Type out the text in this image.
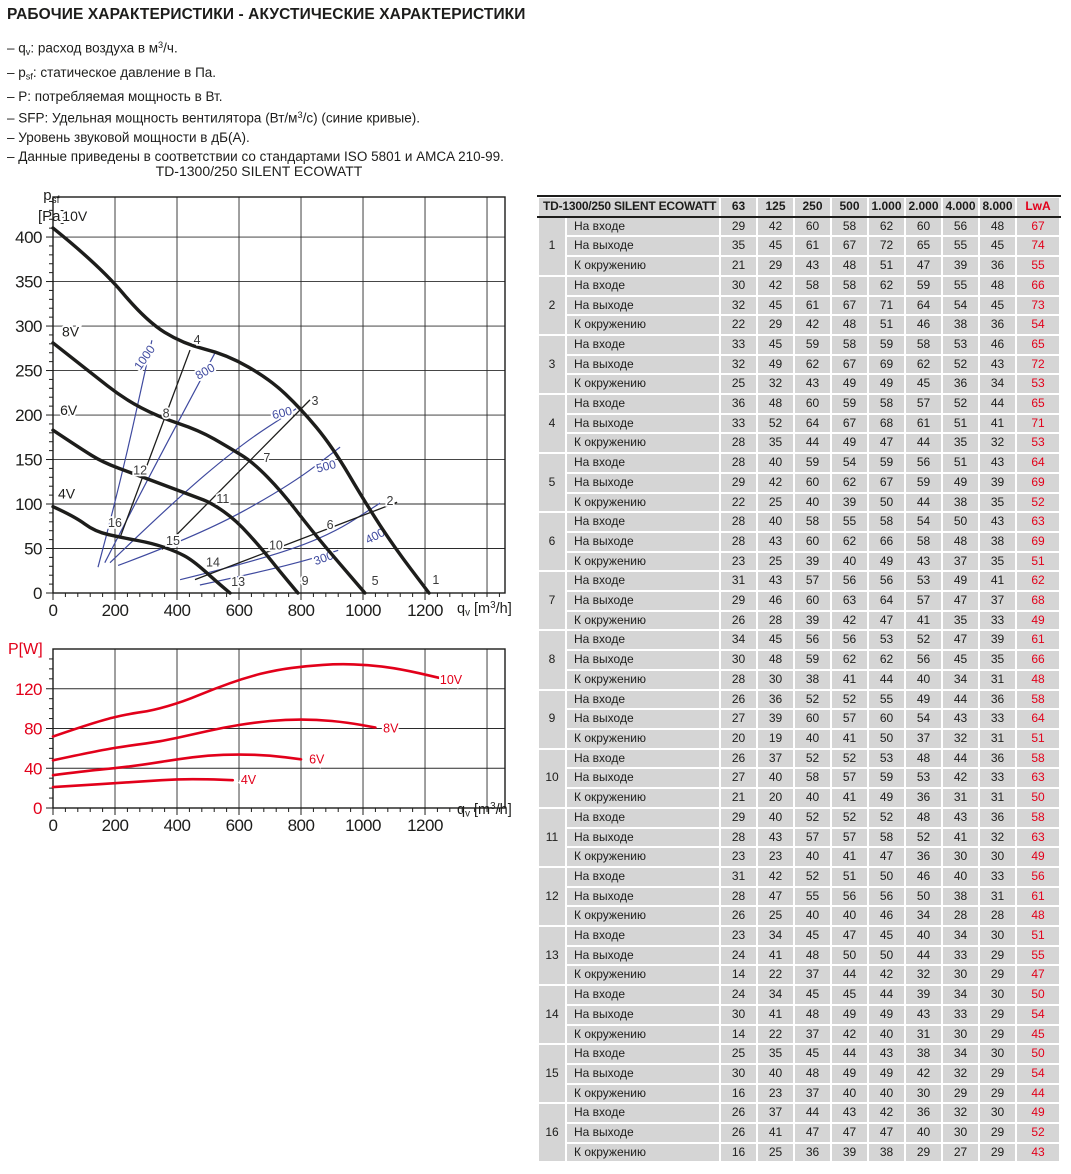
РАБОЧИЕ ХАРАКТЕРИСТИКИ - АКУСТИЧЕСКИЕ ХАРАКТЕРИСТИКИ
– $q_v$: расход воздуха в $м^3/ч$.
– $p_{sf}$: статическое давление в Па.
– P: потребляемая мощность в Вт.
– SFP: Удельная мощность вентилятора $(Вт/м^3/с)$ (синие кривые).
– Уровень звуковой мощности в дБ(А).
– Данные приведены в соответствии со стандартами ISO 5801 и AMCA 210-99.
TD-1300/250 SILENT ECOWATT
$p_{sf}$
[Pa]
0	200 400 600 800 1000 1200
0
50
100
150
200
250
300
350
400
1000	800
600
500
400
300
10V
8V
6V
4V
1
2
3
4
5
6
7
8
9
10
11
12
13
14
15
16
$q_v$ $[m^3/h]$
P[W]
0	200 400 600 800 1000 1200
0
40
80
120	10V
8V
6V
4V
$q_v$ $[m^3/h]$
TD-1300/250 SILENT ECOWATT		63	125	250	500	1.000	2.000	4.000	8.000	LwA
1	На входе	29	42	60	58	62	60	56	48	67
	На выходе	35	45	61	67	72	65	55	45	74
	К окружению	21	29	43	48	51	47	39	36	55
2	На входе	30	42	58	58	62	59	55	48	66
	На выходе	32	45	61	67	71	64	54	45	73
	К окружению	22	29	42	48	51	46	38	36	54
3	На входе	33	45	59	58	59	58	53	46	65
	На выходе	32	49	62	67	69	62	52	43	72
	К окружению	25	32	43	49	49	45	36	34	53
4	На входе	36	48	60	59	58	57	52	44	65
	На выходе	33	52	64	67	68	61	51	41	71
	К окружению	28	35	44	49	47	44	35	32	53
5	На входе	28	40	59	54	59	56	51	43	64
	На выходе	29	42	60	62	67	59	49	39	69
	К окружению	22	25	40	39	50	44	38	35	52
6	На входе	28	40	58	55	58	54	50	43	63
	На выходе	28	43	60	62	66	58	48	38	69
	К окружению	23	25	39	40	49	43	37	35	51
7	На входе	31	43	57	56	56	53	49	41	62
	На выходе	29	46	60	63	64	57	47	37	68
	К окружению	26	28	39	42	47	41	35	33	49
8	На входе	34	45	56	56	53	52	47	39	61
	На выходе	30	48	59	62	62	56	45	35	66
	К окружению	28	30	38	41	44	40	34	31	48
9	На входе	26	36	52	52	55	49	44	36	58
	На выходе	27	39	60	57	60	54	43	33	64
	К окружению	20	19	40	41	50	37	32	31	51
10	На входе	26	37	52	52	53	48	44	36	58
	На выходе	27	40	58	57	59	53	42	33	63
	К окружению	21	20	40	41	49	36	31	31	50
11	На входе	29	40	52	52	52	48	43	36	58
	На выходе	28	43	57	57	58	52	41	32	63
	К окружению	23	23	40	41	47	36	30	30	49
12	На входе	31	42	52	51	50	46	40	33	56
	На выходе	28	47	55	56	56	50	38	31	61
	К окружению	26	25	40	40	46	34	28	28	48
13	На входе	23	34	45	47	45	40	34	30	51
	На выходе	24	41	48	50	50	44	33	29	55
	К окружению	14	22	37	44	42	32	30	29	47
14	На входе	24	34	45	45	44	39	34	30	50
	На выходе	30	41	48	49	49	43	33	29	54
	К окружению	14	22	37	42	40	31	30	29	45
15	На входе	25	35	45	44	43	38	34	30	50
	На выходе	30	40	48	49	49	42	32	29	54
	К окружению	16	23	37	40	40	30	29	29	44
16	На входе	26	37	44	43	42	36	32	30	49
	На выходе	26	41	47	47	47	40	30	29	52
	К окружению	16	25	36	39	38	29	27	29	43
